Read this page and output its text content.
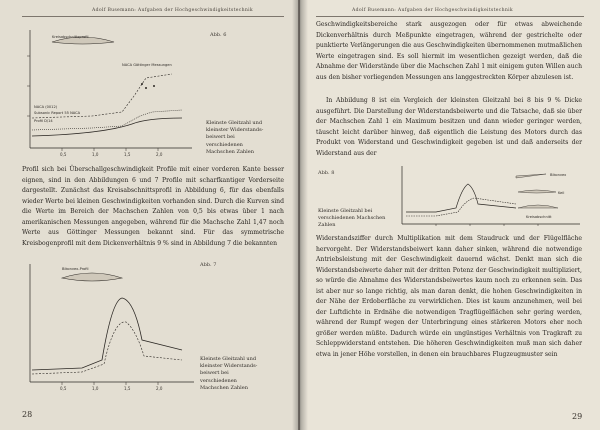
Adolf Busemann: Aufgaben der Hochgeschwindigkeitstechnik
Kreisabschnittsprofil
NACA (0012)
Subsonic Report 55 NACA
Profil D/14
NACA Göttinger Messungen
0,5	1,0	1,5	2,0
Abb. 6
Kleinste Gleitzahl und
kleinster Widerstands-
beiwert bei
verschiedenen
Machschen Zahlen

Profil sich bei Überschallgeschwindigkeit Profile mit einer vorderen Kante besser eignen, sind in den Abbildungen 6 und 7 Profile mit scharfkantiger Vorderseite dargestellt. Zunächst das Kreisabschnittsprofil in Abbildung 6, für das ebenfalls wieder Werte bei kleinen Geschwindigkeiten vorhanden sind. Durch die Kurven sind die Werte im Bereich der Machschen Zahlen von 0,5 bis etwas über 1 nach amerikanischen Messungen angegeben, während für die Machsche Zahl 1,47 noch Werte aus Göttinger Messungen bekannt sind. Für das symmetrische Kreisbogenprofil mit dem Dickenverhältnis 9 % sind in Abbildung 7 die bekannten

Bikonvex-Profil
0,5	1,0	1,5	2,0
Abb. 7
Kleinste Gleitzahl und
kleinster Widerstands-
beiwert bei
verschiedenen
Machschen Zahlen
28
Adolf Busemann: Aufgaben der Hochgeschwindigkeitstechnik

Geschwindigkeitsbereiche stark ausgezogen oder für etwas abweichende Dickenverhältnis durch Meßpunkte eingetragen, während der gestrichelte oder punktierte Verlängerungen die aus Geschwindigkeiten übernommenen mutmaßlichen Werte eingetragen sind. Es soll hiermit im wesentlichen gezeigt werden, daß die Abnahme der Widerstände über die Machschen Zahl 1 mit einigem guten Willen auch aus den bisher vorliegenden Messungen ans langgestreckten Körper abzulesen ist.

In Abbildung 8 ist ein Vergleich der kleinsten Gleitzahl bei 8 bis 9 % Dicke ausgeführt. Die Darstellung der Widerstandsbeiwerte und die Tatsache, daß sie über der Machschen Zahl 1 ein Maximum besitzen und dann wieder geringer werden, täuscht leicht darüber hinweg, daß eigentlich die Leistung des Motors durch das Produkt von Widerstand und Geschwindigkeit gegeben ist und daß anderseits der Widerstand aus der

Abb. 8
Kleinste Gleitzahl bei
verschiedenen Machschen
Zahlen
Bikonvex
Keil
Kreisabschnitt

Widerstandsziffer durch Multiplikation mit dem Staudruck und der Flügelfläche hervorgeht. Der Widerstandsbeiwert kann daher sinken, während die notwendige Antriebsleistung mit der Geschwindigkeit dauernd wächst. Denkt man sich die Widerstandsbeiwerte daher mit der dritten Potenz der Geschwindigkeit multipliziert, so würde die Abnahme des Widerstandsbeiwertes kaum noch zu erkennen sein. Das ist aber nur so lange richtig, als man daran denkt, die hohen Geschwindigkeiten in der Nähe der Erdoberfläche zu verwirklichen. Dies ist kaum anzunehmen, weil bei der Luftdichte in Erdnähe die notwendigen Tragflügelflächen sehr gering werden, während der Rumpf wegen der Unterbringung eines stärkeren Motors eher noch größer werden müßte. Dadurch würde ein ungünstiges Verhältnis von Tragkraft zu Schleppwiderstand entstehen. Die höheren Geschwindigkeiten muß man sich daher etwa in jener Höhe vorstellen, in denen ein brauchbares Flugzeugmuster sein

29
